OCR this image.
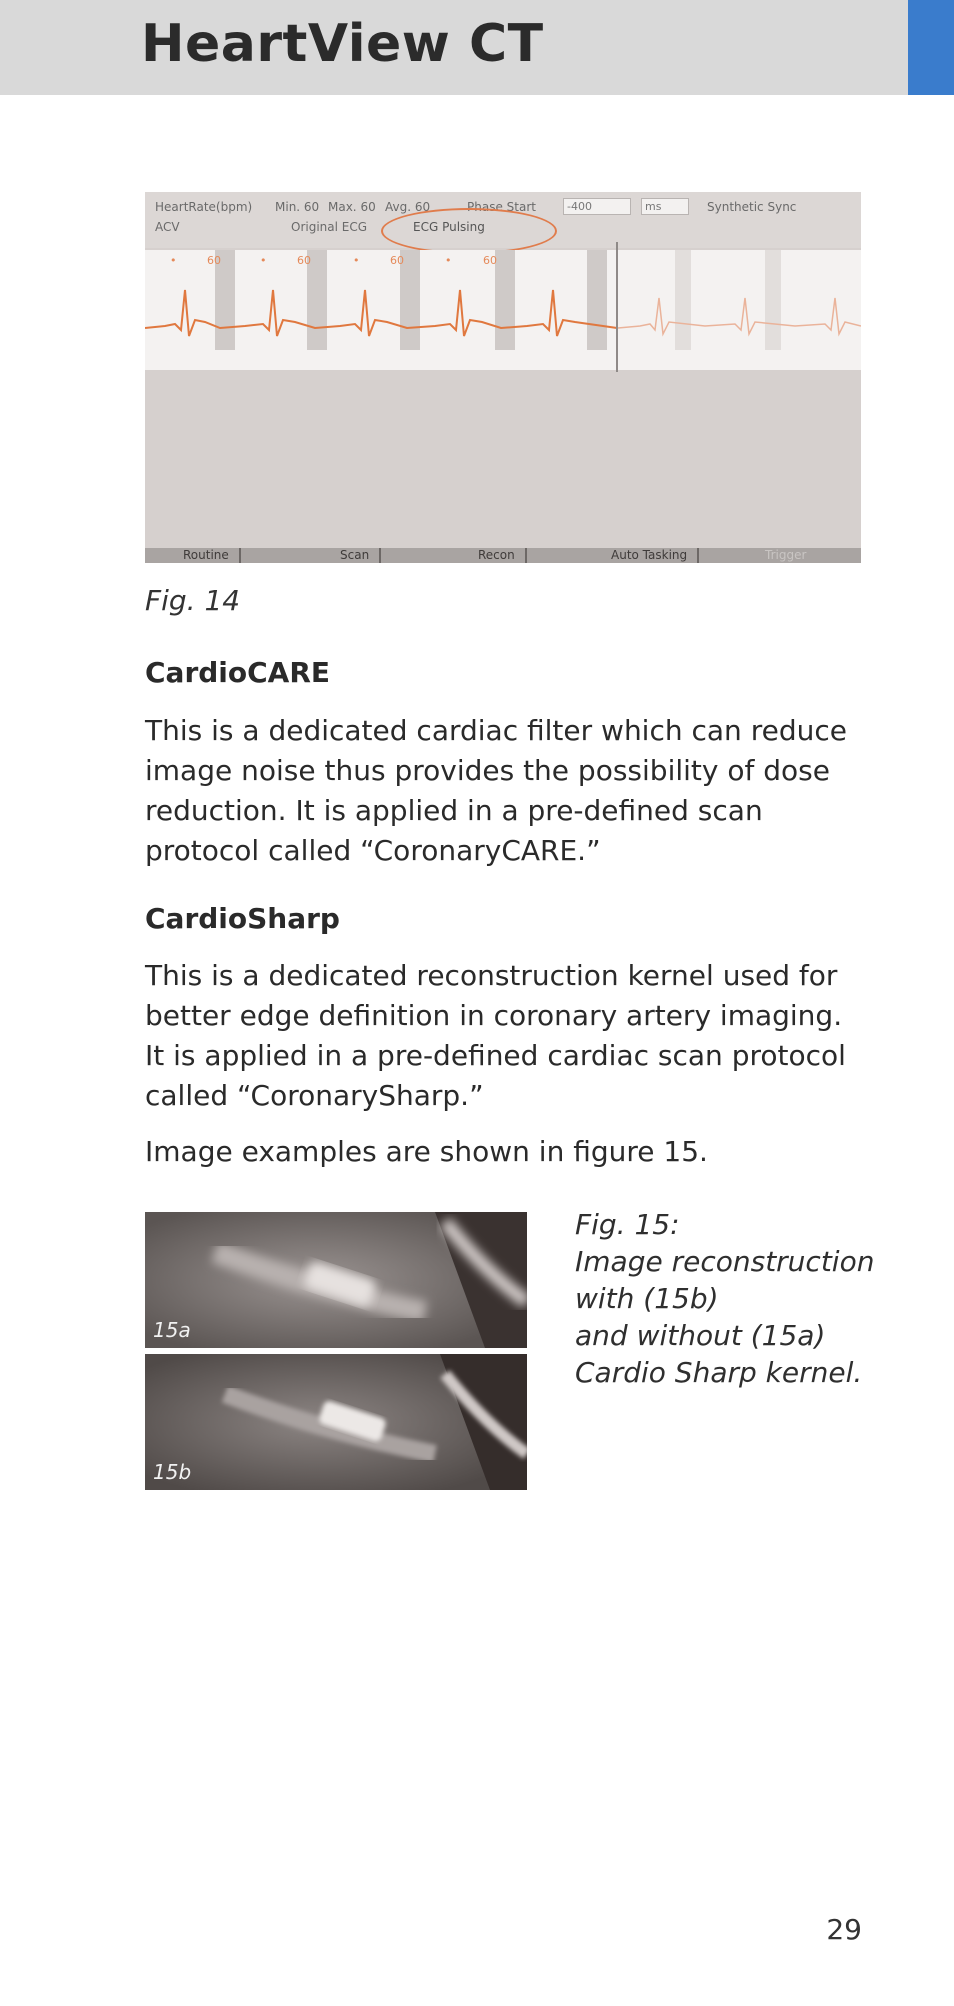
HeartView CT
HeartRate(bpm) Min. 60 Max. 60 Avg. 60	Phase Start	-400	ms	Synthetic Sync
ACV	Original ECG	ECG Pulsing
•	60	•	60	•	60	•	60
Routine	Scan	Recon	Auto Tasking	Trigger
Fig. 14
CardioCARE
This is a dedicated cardiac filter which can reduce image noise thus provides the possibility of dose reduction. It is applied in a pre-defined scan protocol called “CoronaryCARE.”
CardioSharp
This is a dedicated reconstruction kernel used for better edge definition in coronary artery imaging. It is applied in a pre-defined cardiac scan protocol called “CoronarySharp.”
Image examples are shown in figure 15.
15a
15b
Fig. 15:
Image reconstruction
with (15b)
and without (15a)
Cardio Sharp kernel.
29
